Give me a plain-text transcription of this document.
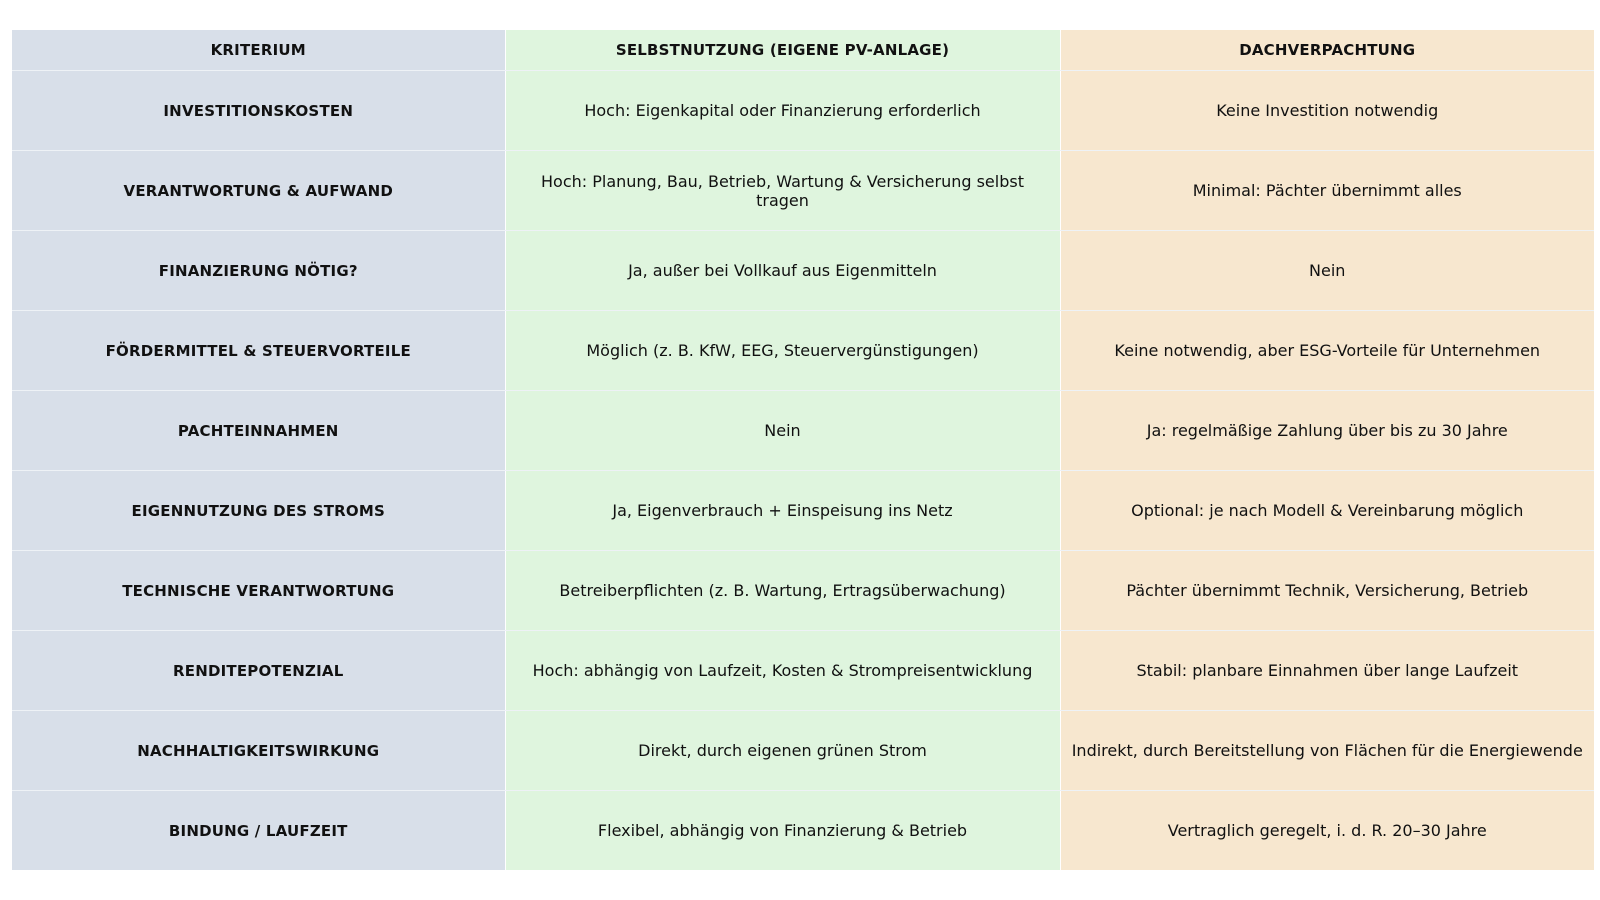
KRITERIUM	SELBSTNUTZUNG (EIGENE PV-ANLAGE)	DACHVERPACHTUNG
INVESTITIONSKOSTEN	Hoch: Eigenkapital oder Finanzierung erforderlich	Keine Investition notwendig
VERANTWORTUNG & AUFWAND	Hoch: Planung, Bau, Betrieb, Wartung & Versicherung selbst tragen	Minimal: Pächter übernimmt alles
FINANZIERUNG NÖTIG?	Ja, außer bei Vollkauf aus Eigenmitteln	Nein
FÖRDERMITTEL & STEUERVORTEILE	Möglich (z. B. KfW, EEG, Steuervergünstigungen)	Keine notwendig, aber ESG-Vorteile für Unternehmen
PACHTEINNAHMEN	Nein	Ja: regelmäßige Zahlung über bis zu 30 Jahre
EIGENNUTZUNG DES STROMS	Ja, Eigenverbrauch + Einspeisung ins Netz	Optional: je nach Modell & Vereinbarung möglich
TECHNISCHE VERANTWORTUNG	Betreiberpflichten (z. B. Wartung, Ertragsüberwachung)	Pächter übernimmt Technik, Versicherung, Betrieb
RENDITEPOTENZIAL	Hoch: abhängig von Laufzeit, Kosten & Strompreisentwicklung	Stabil: planbare Einnahmen über lange Laufzeit
NACHHALTIGKEITSWIRKUNG	Direkt, durch eigenen grünen Strom	Indirekt, durch Bereitstellung von Flächen für die Energiewende
BINDUNG / LAUFZEIT	Flexibel, abhängig von Finanzierung & Betrieb	Vertraglich geregelt, i. d. R. 20–30 Jahre
